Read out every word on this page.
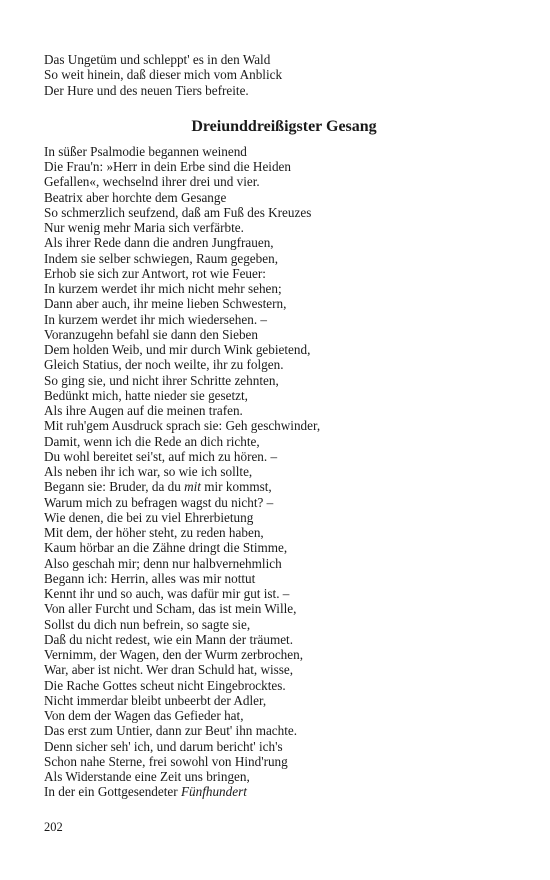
Das Ungetüm und schleppt' es in den Wald
So weit hinein, daß dieser mich vom Anblick
Der Hure und des neuen Tiers befreite.
Dreiunddreißigster Gesang
In süßer Psalmodie begannen weinend
Die Frau'n: »Herr in dein Erbe sind die Heiden
Gefallen«, wechselnd ihrer drei und vier.
Beatrix aber horchte dem Gesange
So schmerzlich seufzend, daß am Fuß des Kreuzes
Nur wenig mehr Maria sich verfärbte.
Als ihrer Rede dann die andren Jungfrauen,
Indem sie selber schwiegen, Raum gegeben,
Erhob sie sich zur Antwort, rot wie Feuer:
In kurzem werdet ihr mich nicht mehr sehen;
Dann aber auch, ihr meine lieben Schwestern,
In kurzem werdet ihr mich wiedersehen. –
Voranzugehn befahl sie dann den Sieben
Dem holden Weib, und mir durch Wink gebietend,
Gleich Statius, der noch weilte, ihr zu folgen.
So ging sie, und nicht ihrer Schritte zehnten,
Bedünkt mich, hatte nieder sie gesetzt,
Als ihre Augen auf die meinen trafen.
Mit ruh'gem Ausdruck sprach sie: Geh geschwinder,
Damit, wenn ich die Rede an dich richte,
Du wohl bereitet sei'st, auf mich zu hören. –
Als neben ihr ich war, so wie ich sollte,
Begann sie: Bruder, da du mit mir kommst,
Warum mich zu befragen wagst du nicht? –
Wie denen, die bei zu viel Ehrerbietung
Mit dem, der höher steht, zu reden haben,
Kaum hörbar an die Zähne dringt die Stimme,
Also geschah mir; denn nur halbvernehmlich
Begann ich: Herrin, alles was mir nottut
Kennt ihr und so auch, was dafür mir gut ist. –
Von aller Furcht und Scham, das ist mein Wille,
Sollst du dich nun befrein, so sagte sie,
Daß du nicht redest, wie ein Mann der träumet.
Vernimm, der Wagen, den der Wurm zerbrochen,
War, aber ist nicht. Wer dran Schuld hat, wisse,
Die Rache Gottes scheut nicht Eingebrocktes.
Nicht immerdar bleibt unbeerbt der Adler,
Von dem der Wagen das Gefieder hat,
Das erst zum Untier, dann zur Beut' ihn machte.
Denn sicher seh' ich, und darum bericht' ich's
Schon nahe Sterne, frei sowohl von Hind'rung
Als Widerstande eine Zeit uns bringen,
In der ein Gottgesendeter Fünfhundert
202
